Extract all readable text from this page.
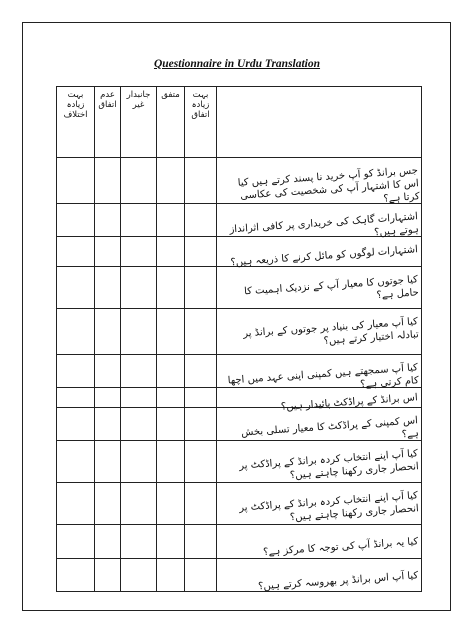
Questionnaire in Urdu Translation
بہت زیادہ اختلاف	عدم اتفاق	جانبدار غیر	متفق	بہت زیادہ اتفاق	

					جس برانڈ کو آپ خرید نا پسند کرتے ہیں کیا اس کا اشتہار آپ کی شخصیت کی عکاسی کرتا ہے؟

					اشتہارات گاہک کی خریداری پر کافی اثرانداز ہوتے ہیں؟

					اشتہارات لوگوں کو مائل کرنے کا ذریعہ ہیں؟

					کیا جوتوں کا معیار آپ کے نزدیک اہمیت کا حامل ہے؟

					کیا آپ معیار کی بنیاد پر جوتوں کے برانڈ پر تبادلہ اختیار کرتے ہیں؟

					کیا آپ سمجھتے ہیں کمپنی اپنی عہد میں اچھا کام کرتی ہے؟

					اس برانڈ کے پراڈکٹ پائیدار ہیں؟

					اس کمپنی کے پراڈکٹ کا معیار تسلی بخش ہے؟

					کیا آپ اپنے انتخاب کردہ برانڈ کے پراڈکٹ پر انحصار جاری رکھنا چاہتے ہیں؟

					کیا آپ اپنے انتخاب کردہ برانڈ کے پراڈکٹ پر انحصار جاری رکھنا چاہتے ہیں؟

					کیا یہ برانڈ آپ کی توجہ کا مرکز ہے؟

					کیا آپ اس برانڈ پر بھروسہ کرتے ہیں؟
